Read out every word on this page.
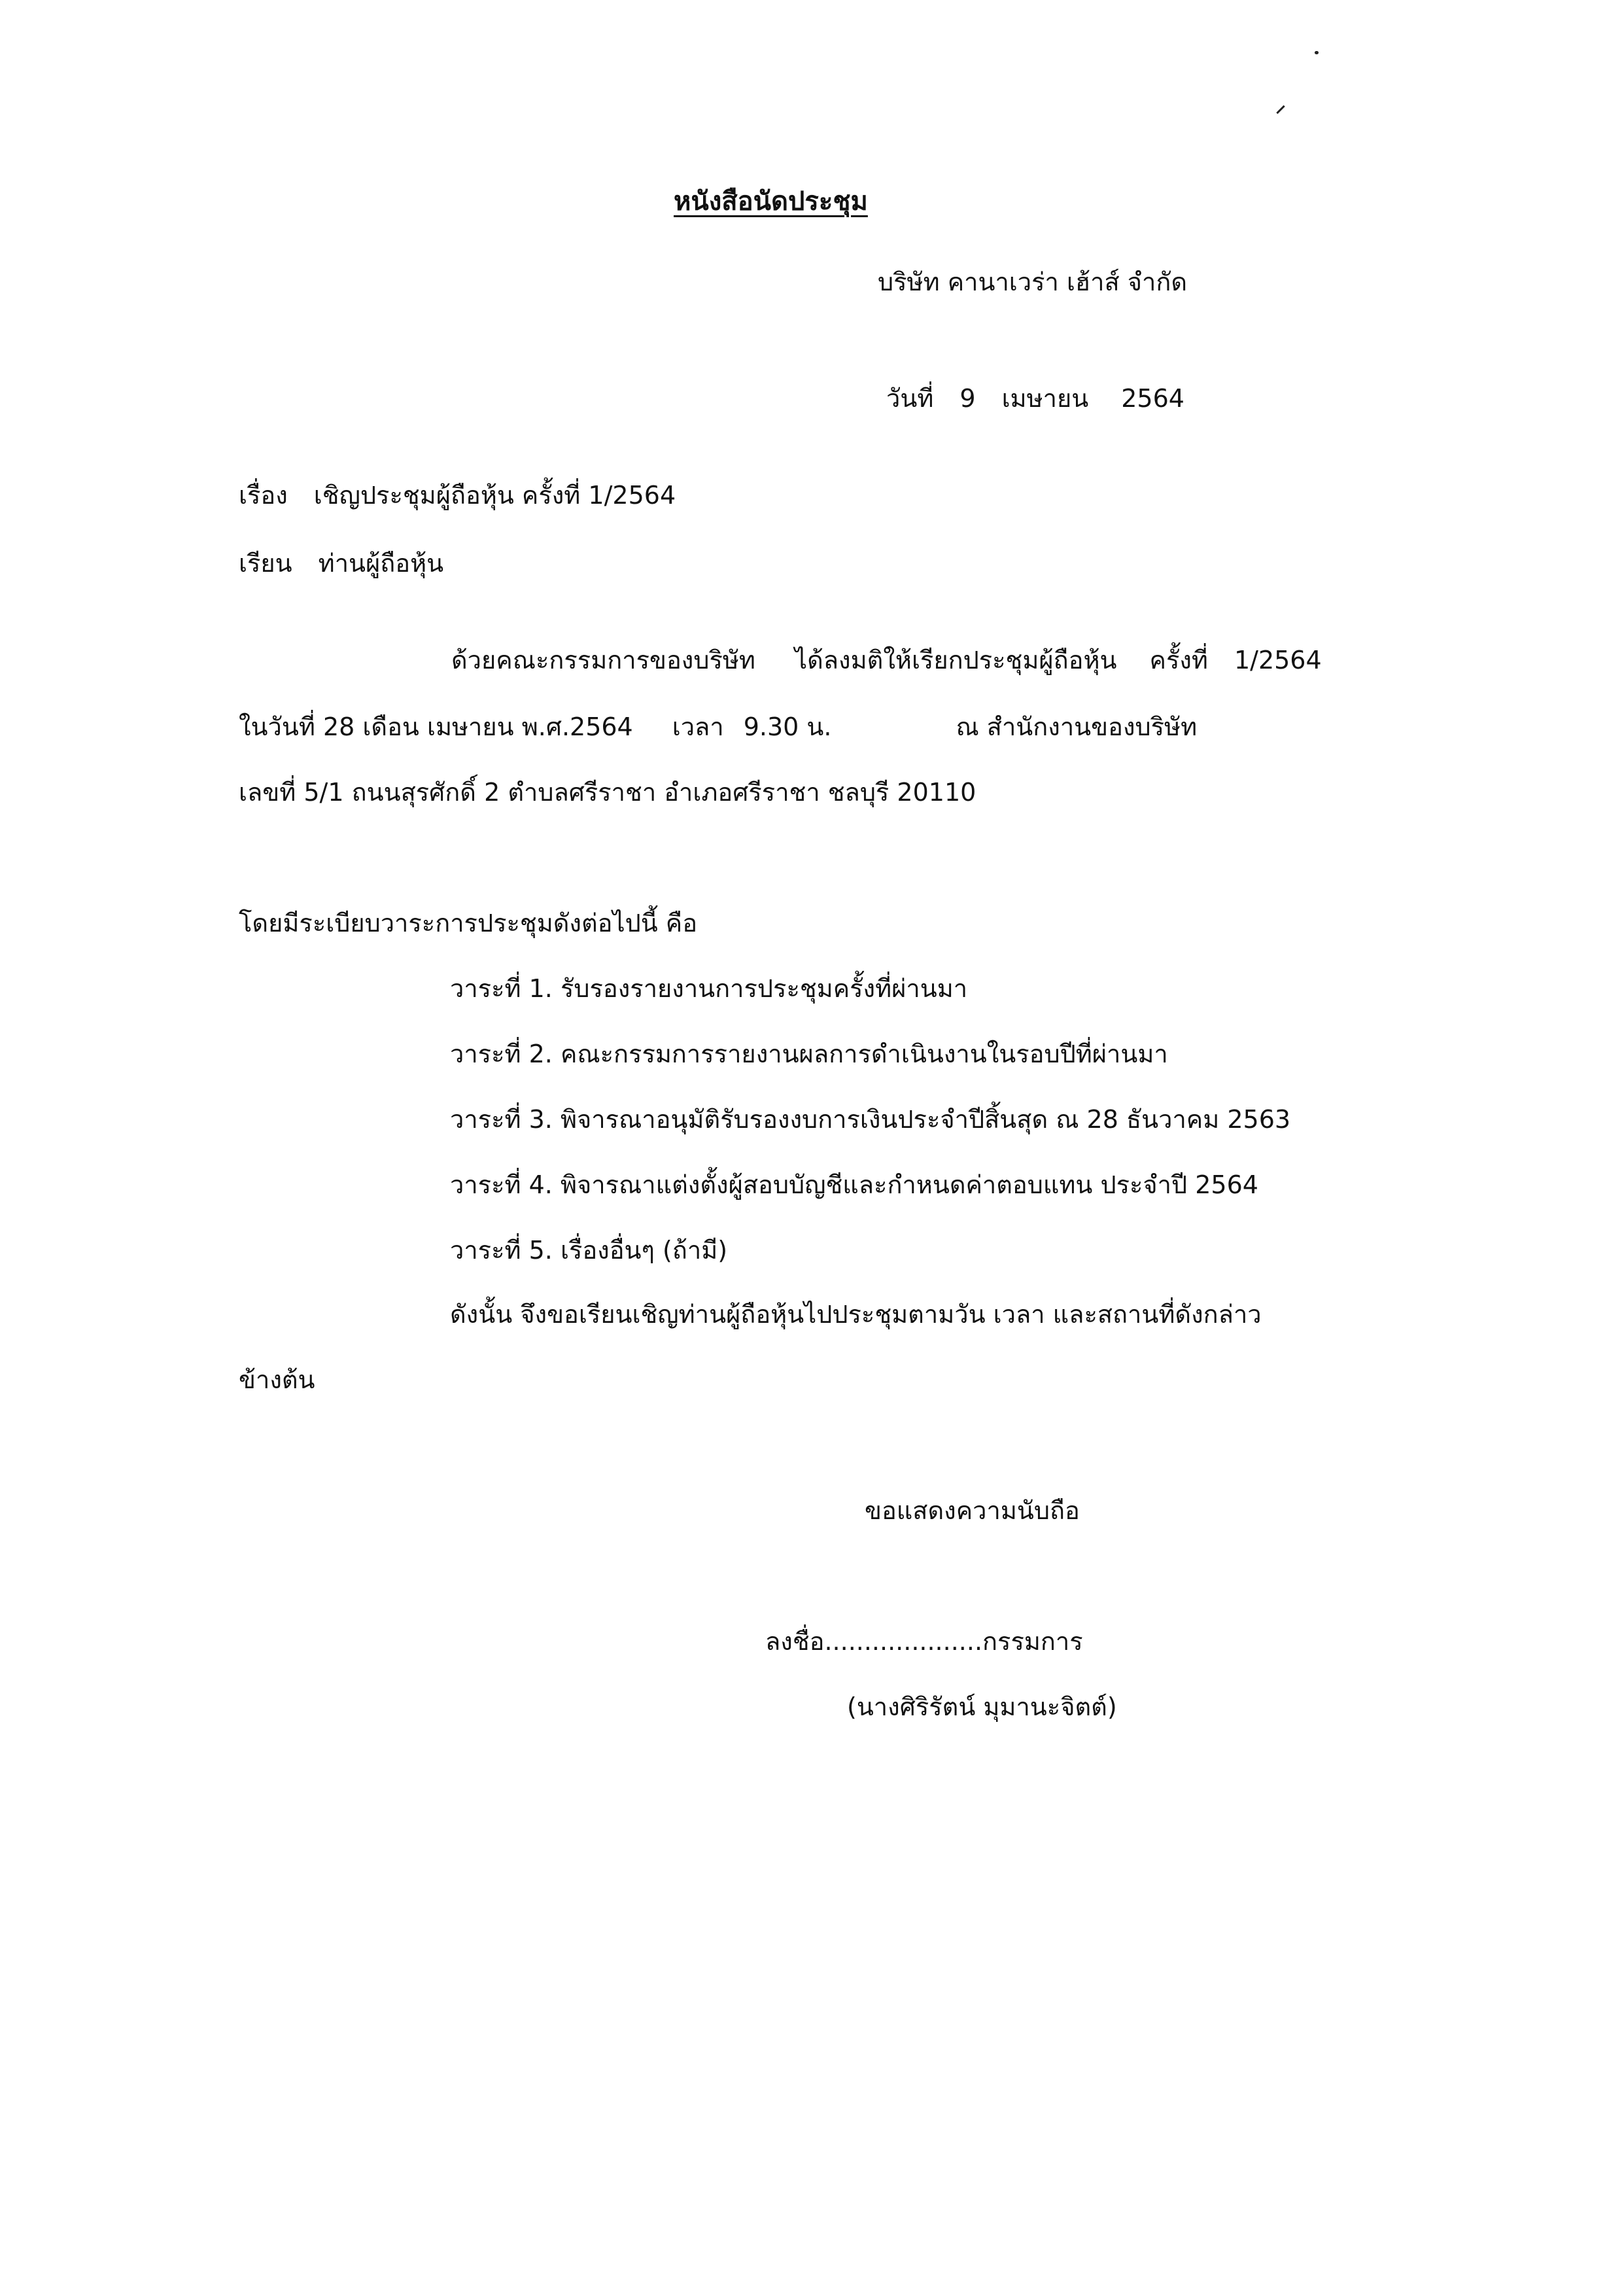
หนังสือนัดประชุม
บริษัท คานาเวร่า เฮ้าส์ จำกัด
วันที่ 9 เมษายน 2564
เรื่อง เชิญประชุมผู้ถือหุ้น ครั้งที่ 1/2564
เรียน ท่านผู้ถือหุ้น
ด้วยคณะกรรมการของบริษัท ได้ลงมติให้เรียกประชุมผู้ถือหุ้น ครั้งที่ 1/2564
ในวันที่ 28 เดือน เมษายน พ.ศ.2564 เวลา 9.30 น.	ณ สำนักงานของบริษัท
เลขที่ 5/1 ถนนสุรศักดิ์ 2 ตำบลศรีราชา อำเภอศรีราชา ชลบุรี 20110
โดยมีระเบียบวาระการประชุมดังต่อไปนี้ คือ
วาระที่ 1. รับรองรายงานการประชุมครั้งที่ผ่านมา
วาระที่ 2. คณะกรรมการรายงานผลการดำเนินงานในรอบปีที่ผ่านมา
วาระที่ 3. พิจารณาอนุมัติรับรองงบการเงินประจำปีสิ้นสุด ณ 28 ธันวาคม 2563
วาระที่ 4. พิจารณาแต่งตั้งผู้สอบบัญชีและกำหนดค่าตอบแทน ประจำปี 2564
วาระที่ 5. เรื่องอื่นๆ (ถ้ามี)
ดังนั้น จึงขอเรียนเชิญท่านผู้ถือหุ้นไปประชุมตามวัน เวลา และสถานที่ดังกล่าว
ข้างต้น
ขอแสดงความนับถือ
ลงชื่อ....................กรรมการ
(นางศิริรัตน์ มุมานะจิตต์)
